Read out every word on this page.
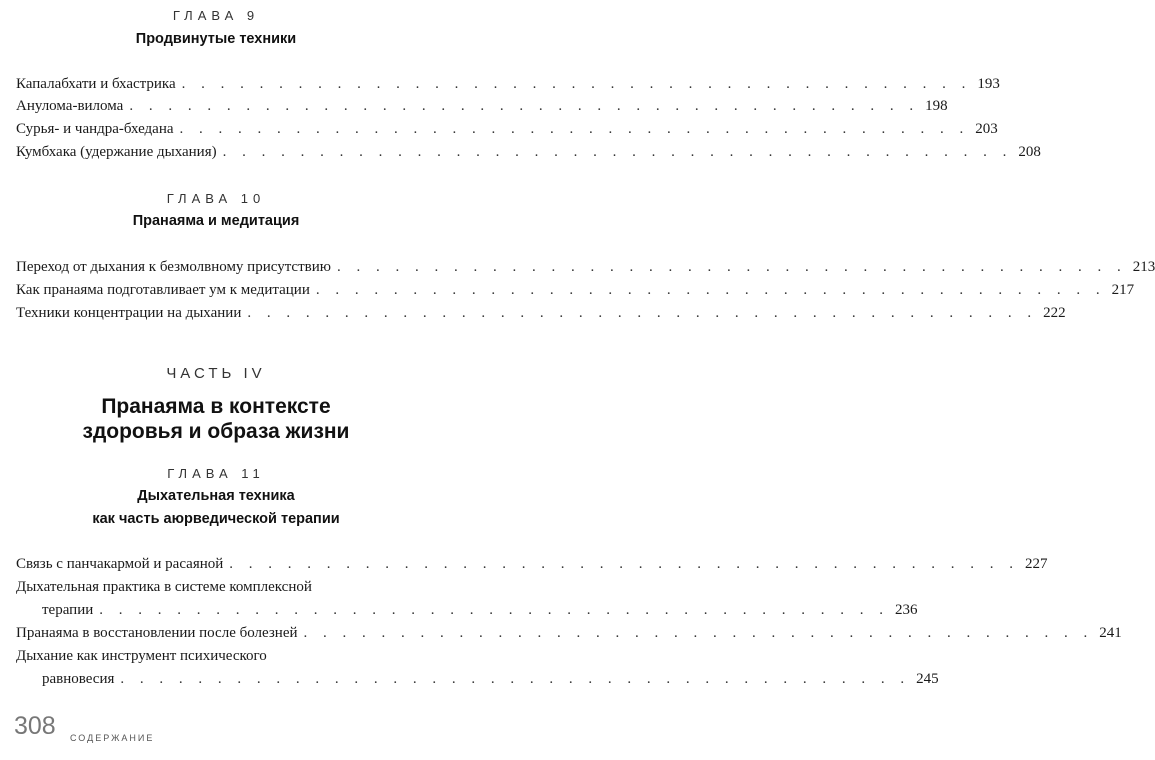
ГЛАВА 9
Продвинутые техники
Капалабхати и бхастрика . . . . . . . . . . . . . . . . . . . . . . . . . . . . . . . . . . . . . . . . . 193
Анулома-вилома . . . . . . . . . . . . . . . . . . . . . . . . . . . . . . . . . . . . . . . . . 198
Сурья- и чандра-бхедана . . . . . . . . . . . . . . . . . . . . . . . . . . . . . . . . . . . . . . . . . 203
Кумбхака (удержание дыхания) . . . . . . . . . . . . . . . . . . . . . . . . . . . . . . . . . . . . . . . . . 208
ГЛАВА 10
Пранаяма и медитация
Переход от дыхания к безмолвному присутствию . . . . . . . . . . . . . . . . . . . . . . . . . . . . . . . . . . . . . . . . . 213
Как пранаяма подготавливает ум к медитации . . . . . . . . . . . . . . . . . . . . . . . . . . . . . . . . . . . . . . . . . 217
Техники концентрации на дыхании . . . . . . . . . . . . . . . . . . . . . . . . . . . . . . . . . . . . . . . . . 222
ЧАСТЬ IV
Пранаяма в контексте
здоровья и образа жизни
ГЛАВА 11
Дыхательная техника
как часть аюрведической терапии
Связь с панчакармой и расаяной . . . . . . . . . . . . . . . . . . . . . . . . . . . . . . . . . . . . . . . . . 227
Дыхательная практика в системе комплексной
терапии . . . . . . . . . . . . . . . . . . . . . . . . . . . . . . . . . . . . . . . . . 236
Пранаяма в восстановлении после болезней . . . . . . . . . . . . . . . . . . . . . . . . . . . . . . . . . . . . . . . . . 241
Дыхание как инструмент психического
равновесия . . . . . . . . . . . . . . . . . . . . . . . . . . . . . . . . . . . . . . . . . 245
308 СОДЕРЖАНИЕ
